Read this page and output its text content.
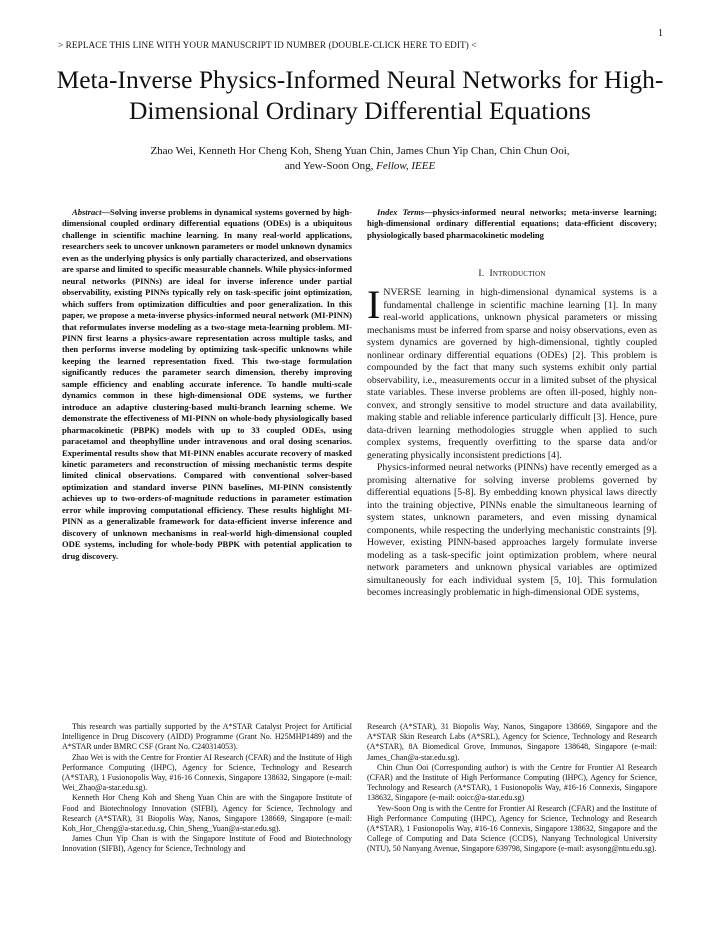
1
> REPLACE THIS LINE WITH YOUR MANUSCRIPT ID NUMBER (DOUBLE-CLICK HERE TO EDIT) <
Meta-Inverse Physics-Informed Neural Networks for High-Dimensional Ordinary Differential Equations
Zhao Wei, Kenneth Hor Cheng Koh, Sheng Yuan Chin, James Chun Yip Chan, Chin Chun Ooi,
and Yew-Soon Ong, Fellow, IEEE

Abstract—Solving inverse problems in dynamical systems governed by high-dimensional coupled ordinary differential equations (ODEs) is a ubiquitous challenge in scientific machine learning. In many real-world applications, researchers seek to uncover unknown parameters or model unknown dynamics even as the underlying physics is only partially characterized, and observations are sparse and limited to specific measurable channels. While physics-informed neural networks (PINNs) are ideal for inverse inference under partial observability, existing PINNs typically rely on task-specific joint optimization, which suffers from optimization difficulties and poor generalization. In this paper, we propose a meta-inverse physics-informed neural network (MI-PINN) that reformulates inverse modeling as a two-stage meta-learning problem. MI-PINN first learns a physics-aware representation across multiple tasks, and then performs inverse modeling by optimizing task-specific unknowns while keeping the learned representation fixed. This two-stage formulation significantly reduces the parameter search dimension, thereby improving sample efficiency and enabling accurate inference. To handle multi-scale dynamics common in these high-dimensional ODE systems, we further introduce an adaptive clustering-based multi-branch learning scheme. We demonstrate the effectiveness of MI-PINN on whole-body physiologically based pharmacokinetic (PBPK) models with up to 33 coupled ODEs, using paracetamol and theophylline under intravenous and oral dosing scenarios. Experimental results show that MI-PINN enables accurate recovery of masked kinetic parameters and reconstruction of missing mechanistic terms despite limited clinical observations. Compared with conventional solver-based optimization and standard inverse PINN baselines, MI-PINN consistently achieves up to two-orders-of-magnitude reductions in parameter estimation error while improving computational efficiency. These results highlight MI-PINN as a generalizable framework for data-efficient inverse inference and discovery of unknown mechanisms in real-world high-dimensional coupled ODE systems, including for whole-body PBPK with potential application to drug discovery.

Index Terms—physics-informed neural networks; meta-inverse learning; high-dimensional ordinary differential equations; data-efficient discovery; physiologically based pharmacokinetic modeling

I. Introduction

INVERSE learning in high-dimensional dynamical systems is a fundamental challenge in scientific machine learning [1]. In many real-world applications, unknown physical parameters or missing mechanisms must be inferred from sparse and noisy observations, even as system dynamics are governed by high-dimensional, tightly coupled nonlinear ordinary differential equations (ODEs) [2]. This problem is compounded by the fact that many such systems exhibit only partial observability, i.e., measurements occur in a limited subset of the physical state variables. These inverse problems are often ill-posed, highly non-convex, and strongly sensitive to model structure and data availability, making stable and reliable inference particularly difficult [3]. Hence, pure data-driven learning methodologies struggle when applied to such complex systems, frequently overfitting to the sparse data and/or generating physically inconsistent predictions [4].

Physics-informed neural networks (PINNs) have recently emerged as a promising alternative for solving inverse problems governed by differential equations [5-8]. By embedding known physical laws directly into the training objective, PINNs enable the simultaneous learning of system states, unknown parameters, and even missing dynamical components, while respecting the underlying mechanistic constraints [9]. However, existing PINN-based approaches largely formulate inverse modeling as a task-specific joint optimization problem, where neural network parameters and unknown physical variables are optimized simultaneously for each individual system [5, 10]. This formulation becomes increasingly problematic in high-dimensional ODE systems,

This research was partially supported by the A*STAR Catalyst Project for Artificial Intelligence in Drug Discovery (AIDD) Programme (Grant No. H25MHP1489) and the A*STAR under BMRC CSF (Grant No. C240314053).

Zhao Wei is with the Centre for Frontier AI Research (CFAR) and the Institute of High Performance Computing (IHPC), Agency for Science, Technology and Research (A*STAR), 1 Fusionopolis Way, #16-16 Connexis, Singapore 138632, Singapore (e-mail: Wei_Zhao@a-star.edu.sg).

Kenneth Hor Cheng Koh and Sheng Yuan Chin are with the Singapore Institute of Food and Biotechnology Innovation (SIFBI), Agency for Science, Technology and Research (A*STAR), 31 Biopolis Way, Nanos, Singapore 138669, Singapore (e-mail: Koh_Hor_Cheng@a-star.edu.sg, Chin_Sheng_Yuan@a-star.edu.sg).

James Chun Yip Chan is with the Singapore Institute of Food and Biotechnology Innovation (SIFBI), Agency for Science, Technology and

Research (A*STAR), 31 Biopolis Way, Nanos, Singapore 138669, Singapore and the A*STAR Skin Research Labs (A*SRL), Agency for Science, Technology and Research (A*STAR), 8A Biomedical Grove, Immunos, Singapore 138648, Singapore (e-mail: James_Chan@a-star.edu.sg).

Chin Chun Ooi (Corresponding author) is with the Centre for Frontier AI Research (CFAR) and the Institute of High Performance Computing (IHPC), Agency for Science, Technology and Research (A*STAR), 1 Fusionopolis Way, #16-16 Connexis, Singapore 138632, Singapore (e-mail: ooicc@a-star.edu.sg)

Yew-Soon Ong is with the Centre for Frontier AI Research (CFAR) and the Institute of High Performance Computing (IHPC), Agency for Science, Technology and Research (A*STAR), 1 Fusionopolis Way, #16-16 Connexis, Singapore 138632, Singapore and the College of Computing and Data Science (CCDS), Nanyang Technological University (NTU), 50 Nanyang Avenue, Singapore 639798, Singapore (e-mail: asysong@ntu.edu.sg).
